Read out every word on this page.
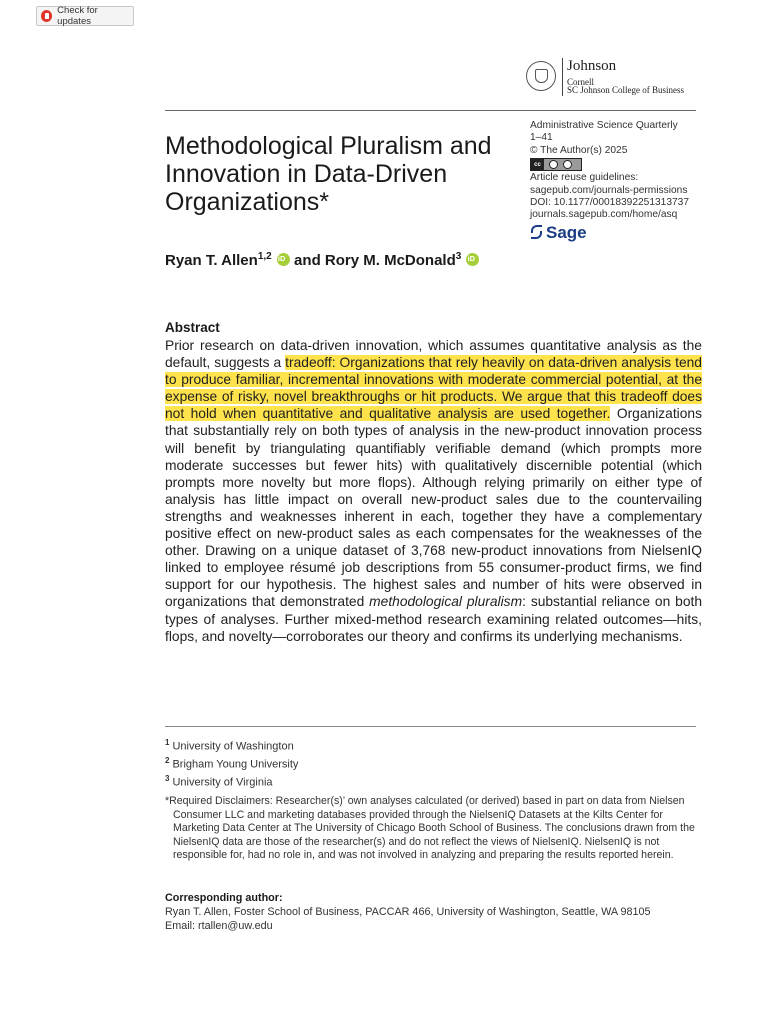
Check for updates
Johnson
Cornell
SC Johnson College of Business
Methodological Pluralism and Innovation in Data-Driven Organizations*
Administrative Science Quarterly
1–41
© The Author(s) 2025
cc
Article reuse guidelines:
sagepub.com/journals-permissions
DOI: 10.1177/00018392251313737
journals.sagepub.com/home/asq
Sage
Ryan T. Allen$^{1,2}$ iD and Rory M. McDonald$^3$ iD
Abstract

Prior research on data-driven innovation, which assumes quantitative analysis as the default, suggests a tradeoff: Organizations that rely heavily on data-driven analysis tend to produce familiar, incremental innovations with moderate commercial potential, at the expense of risky, novel breakthroughs or hit products. We argue that this tradeoff does not hold when quantitative and qualitative analysis are used together. Organizations that substantially rely on both types of analysis in the new-product innovation process will benefit by triangulating quantifiably verifiable demand (which prompts more moderate successes but fewer hits) with qualitatively discernible potential (which prompts more novelty but more flops). Although relying primarily on either type of analysis has little impact on overall new-product sales due to the countervailing strengths and weaknesses inherent in each, together they have a complementary positive effect on new-product sales as each compensates for the weaknesses of the other. Drawing on a unique dataset of 3,768 new-product innovations from NielsenIQ linked to employee résumé job descriptions from 55 consumer-product firms, we find support for our hypothesis. The highest sales and number of hits were observed in organizations that demonstrated methodological pluralism: substantial reliance on both types of analyses. Further mixed-method research examining related outcomes—hits, flops, and novelty—corroborates our theory and confirms its underlying mechanisms.

$^1$ University of Washington
$^2$ Brigham Young University
$^3$ University of Virginia

*Required Disclaimers: Researcher(s)’ own analyses calculated (or derived) based in part on data from Nielsen Consumer LLC and marketing databases provided through the NielsenIQ Datasets at the Kilts Center for Marketing Data Center at The University of Chicago Booth School of Business. The conclusions drawn from the NielsenIQ data are those of the researcher(s) and do not reflect the views of NielsenIQ. NielsenIQ is not responsible for, had no role in, and was not involved in analyzing and preparing the results reported herein.

Corresponding author:
Ryan T. Allen, Foster School of Business, PACCAR 466, University of Washington, Seattle, WA 98105
Email: rtallen@uw.edu
